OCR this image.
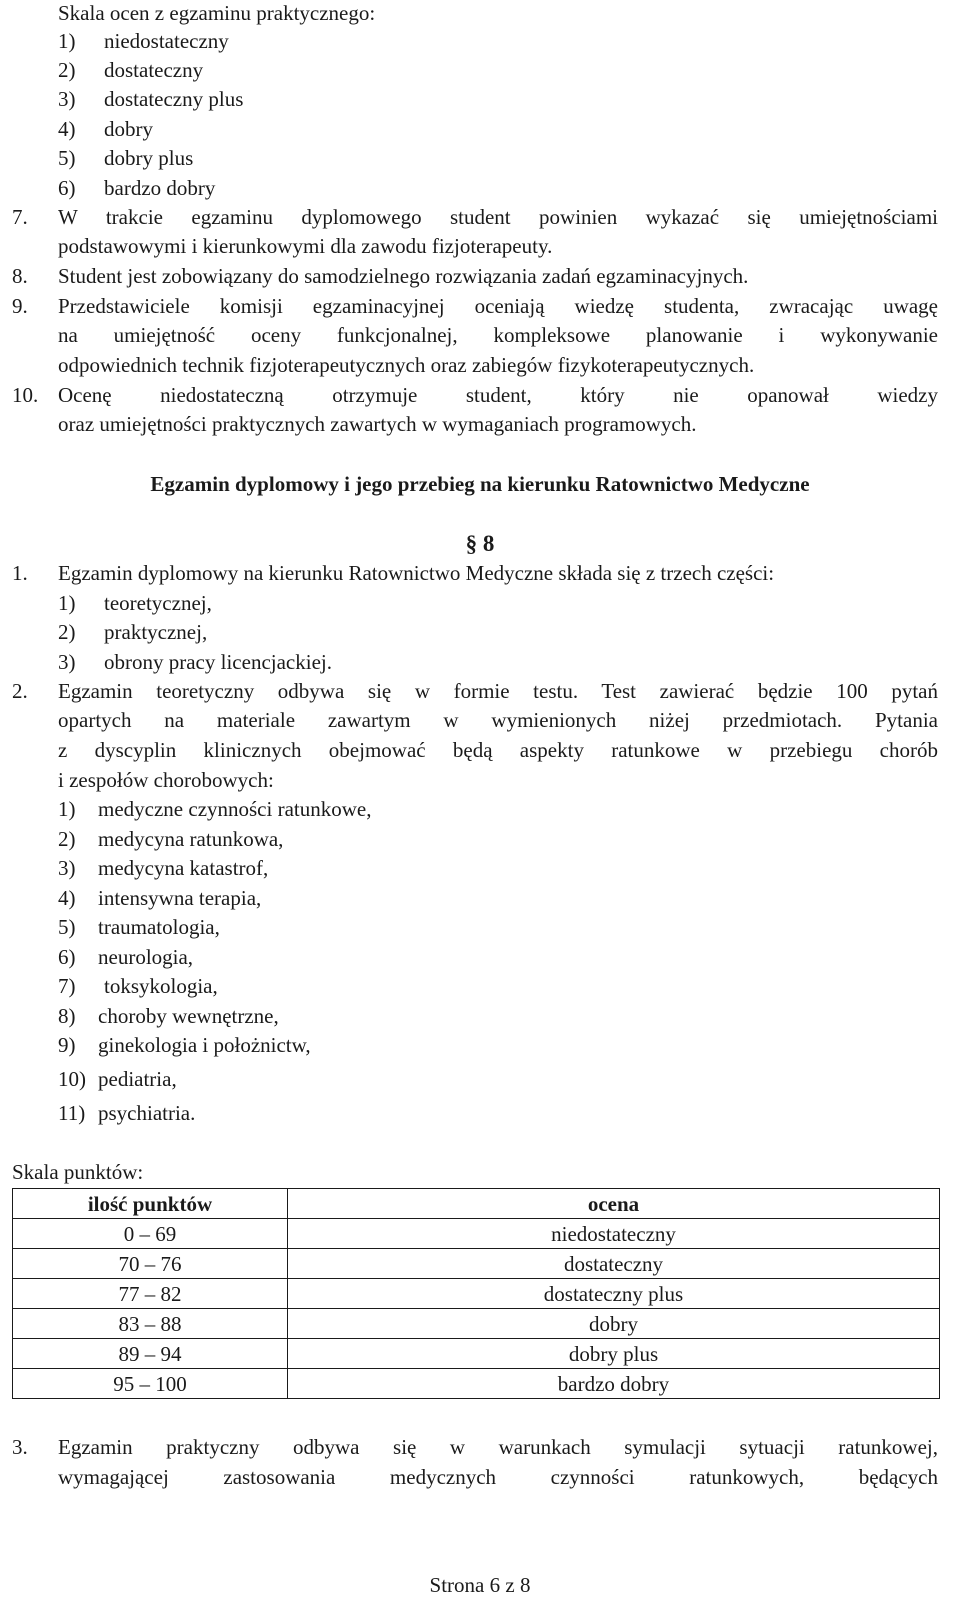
Skala ocen z egzaminu praktycznego:
1) niedostateczny
2) dostateczny
3) dostateczny plus
4) dobry
5) dobry plus
6) bardzo dobry
7. W trakcie egzaminu dyplomowego student powinien wykazać się umiejętnościami
podstawowymi i kierunkowymi dla zawodu fizjoterapeuty.
8. Student jest zobowiązany do samodzielnego rozwiązania zadań egzaminacyjnych.
9. Przedstawiciele komisji egzaminacyjnej oceniają wiedzę studenta, zwracając uwagę
na umiejętność oceny funkcjonalnej, kompleksowe planowanie i wykonywanie
odpowiednich technik fizjoterapeutycznych oraz zabiegów fizykoterapeutycznych.
10. Ocenę niedostateczną otrzymuje student, który nie opanował wiedzy
oraz umiejętności praktycznych zawartych w wymaganiach programowych.
Egzamin dyplomowy i jego przebieg na kierunku Ratownictwo Medyczne
§ 8
1. Egzamin dyplomowy na kierunku Ratownictwo Medyczne składa się z trzech części:
1) teoretycznej,
2) praktycznej,
3) obrony pracy licencjackiej.
2. Egzamin teoretyczny odbywa się w formie testu. Test zawierać będzie 100 pytań
opartych na materiale zawartym w wymienionych niżej przedmiotach. Pytania
z dyscyplin klinicznych obejmować będą aspekty ratunkowe w przebiegu chorób
i zespołów chorobowych:
1) medyczne czynności ratunkowe,
2) medycyna ratunkowa,
3) medycyna katastrof,
4) intensywna terapia,
5) traumatologia,
6) neurologia,
7) toksykologia,
8) choroby wewnętrzne,
9) ginekologia i położnictw,
10) pediatria,
11) psychiatria.
Skala punktów:
ilość punktów	ocena
0 – 69	niedostateczny
70 – 76	dostateczny
77 – 82	dostateczny plus
83 – 88	dobry
89 – 94	dobry plus
95 – 100	bardzo dobry
3. Egzamin praktyczny odbywa się w warunkach symulacji sytuacji ratunkowej,
wymagającej zastosowania medycznych czynności ratunkowych, będących
Strona 6 z 8
